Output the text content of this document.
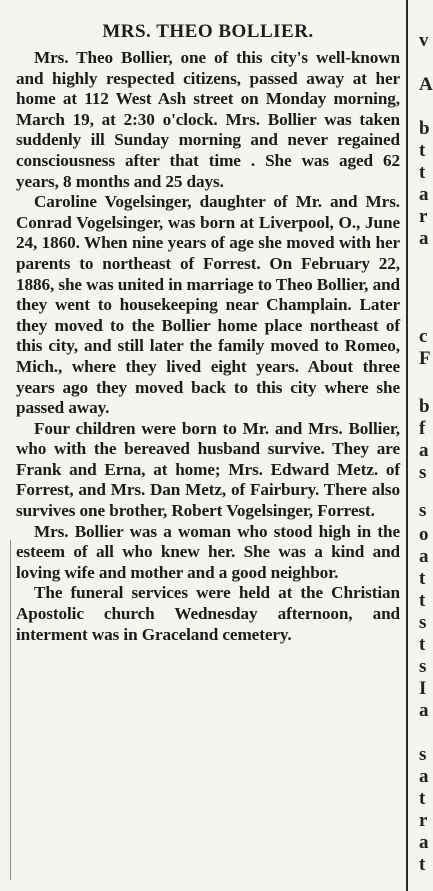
MRS. THEO BOLLIER.

Mrs. Theo Bollier, one of this city's well-known and highly respected citizens, passed away at her home at 112 West Ash street on Monday morning, March 19, at 2:30 o'clock. Mrs. Bollier was taken suddenly ill Sunday morning and never regained consciousness after that time . She was aged 62 years, 8 months and 25 days.

Caroline Vogelsinger, daughter of Mr. and Mrs. Conrad Vogelsinger, was born at Liverpool, O., June 24, 1860. When nine years of age she moved with her parents to northeast of Forrest. On February 22, 1886, she was united in marriage to Theo Bollier, and they went to housekeeping near Champlain. Later they moved to the Bollier home place northeast of this city, and still later the family moved to Romeo, Mich., where they lived eight years. About three years ago they moved back to this city where she passed away.

Four children were born to Mr. and Mrs. Bollier, who with the bereaved husband survive. They are Frank and Erna, at home; Mrs. Edward Metz. of Forrest, and Mrs. Dan Metz, of Fairbury. There also survives one brother, Robert Vogelsinger, Forrest.

Mrs. Bollier was a woman who stood high in the esteem of all who knew her. She was a kind and loving wife and mother and a good neighbor.

The funeral services were held at the Christian Apostolic church Wednesday afternoon, and interment was in Graceland cemetery.

v
A
b
t
t
a
r
a
c
F
b
f
a
s
s
o
a
t
t
s
t
s
I
a
s
a
t
r
a
t
